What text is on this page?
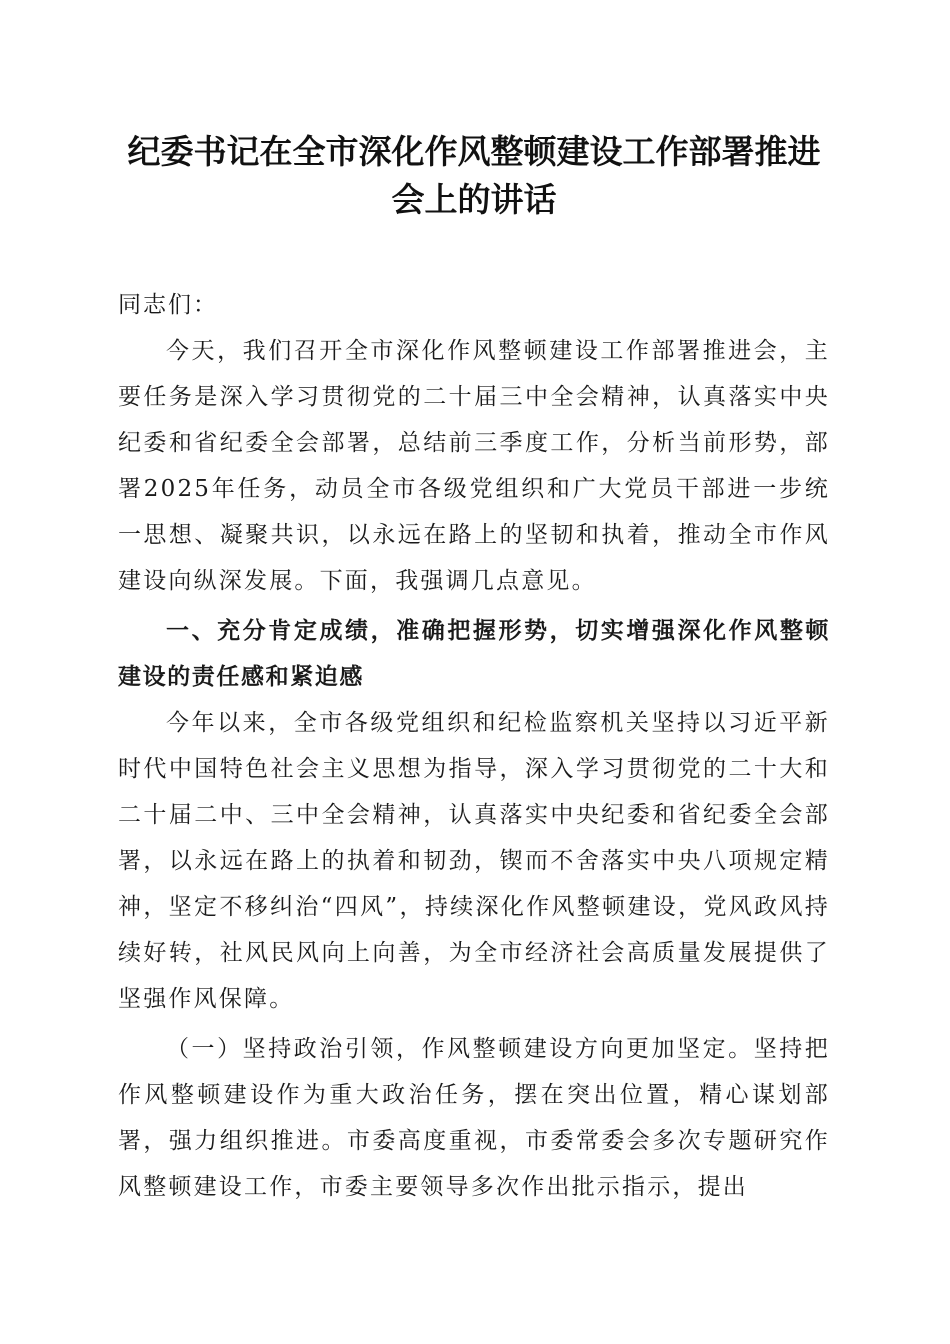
纪委书记在全市深化作风整顿建设工作部署推进会上的讲话
同志们：

今天，我们召开全市深化作风整顿建设工作部署推进会，主要任务是深入学习贯彻党的二十届三中全会精神，认真落实中央纪委和省纪委全会部署，总结前三季度工作，分析当前形势，部署2025年任务，动员全市各级党组织和广大党员干部进一步统一思想、凝聚共识，以永远在路上的坚韧和执着，推动全市作风建设向纵深发展。下面，我强调几点意见。

一、充分肯定成绩，准确把握形势，切实增强深化作风整顿建设的责任感和紧迫感

今年以来，全市各级党组织和纪检监察机关坚持以习近平新时代中国特色社会主义思想为指导，深入学习贯彻党的二十大和二十届二中、三中全会精神，认真落实中央纪委和省纪委全会部署，以永远在路上的执着和韧劲，锲而不舍落实中央八项规定精神，坚定不移纠治“四风”，持续深化作风整顿建设，党风政风持续好转，社风民风向上向善，为全市经济社会高质量发展提供了坚强作风保障。

（一）坚持政治引领，作风整顿建设方向更加坚定。坚持把作风整顿建设作为重大政治任务，摆在突出位置，精心谋划部署，强力组织推进。市委高度重视，市委常委会多次专题研究作风整顿建设工作，市委主要领导多次作出批示指示，提出
